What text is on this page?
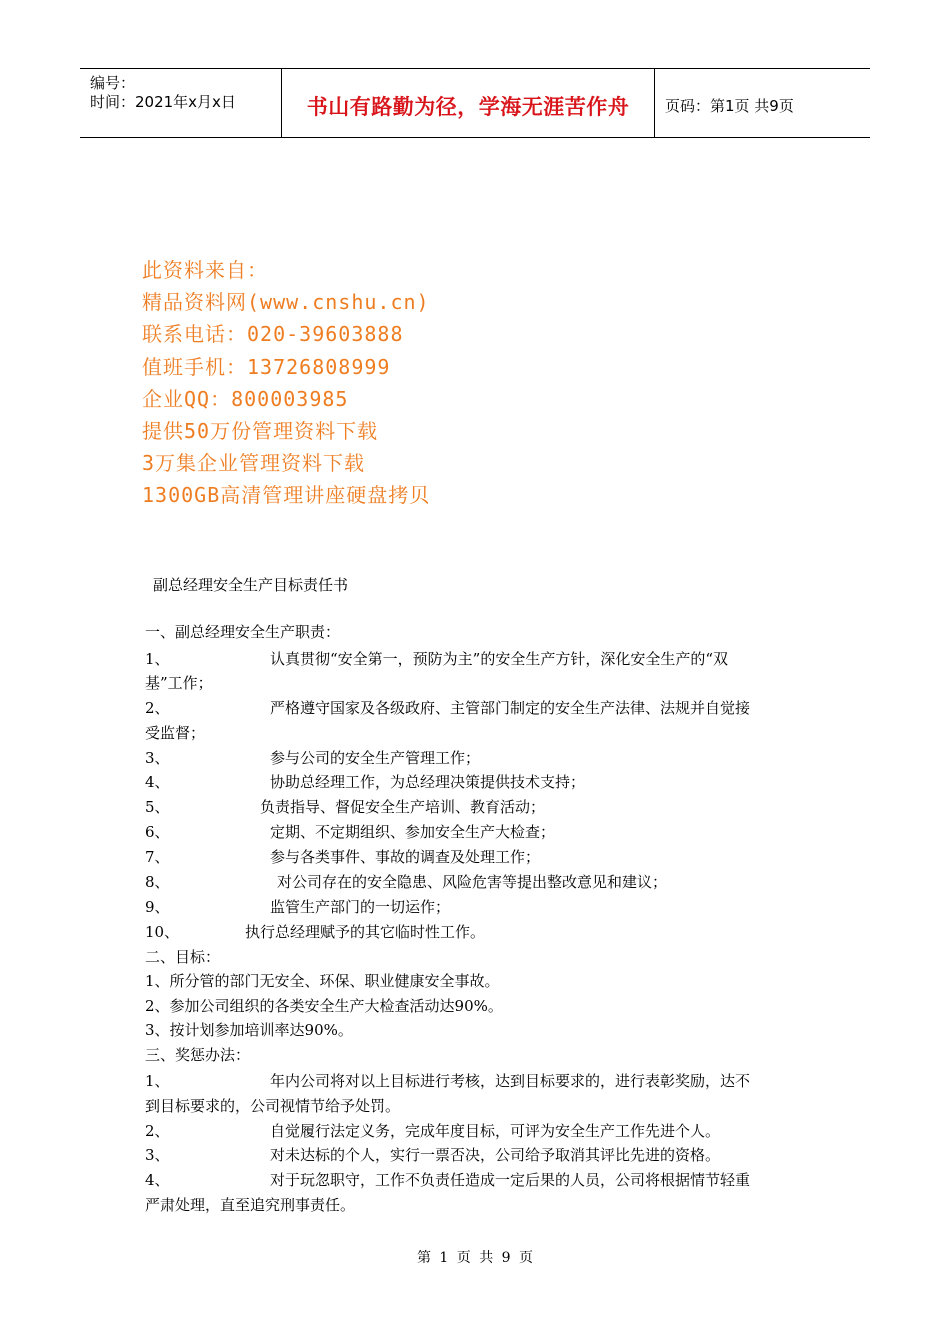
编号：
时间：2021年x月x日	书山有路勤为径，学海无涯苦作舟	页码：第1页 共9页
此资料来自：
精品资料网(www.cnshu.cn)
联系电话：020-39603888
值班手机：13726808999
企业QQ：800003985
提供50万份管理资料下载
3万集企业管理资料下载
1300GB高清管理讲座硬盘拷贝
副总经理安全生产目标责任书
一、副总经理安全生产职责：
1、	认真贯彻“安全第一，预防为主”的安全生产方针，深化安全生产的“双
基”工作；
2、	严格遵守国家及各级政府、主管部门制定的安全生产法律、法规并自觉接
受监督；
3、	参与公司的安全生产管理工作；
4、	协助总经理工作，为总经理决策提供技术支持；
5、	负责指导、督促安全生产培训、教育活动；
6、	定期、不定期组织、参加安全生产大检查；
7、	参与各类事件、事故的调查及处理工作；
8、	对公司存在的安全隐患、风险危害等提出整改意见和建议；
9、	监管生产部门的一切运作；
10、	执行总经理赋予的其它临时性工作。
二、目标：
1、所分管的部门无安全、环保、职业健康安全事故。
2、参加公司组织的各类安全生产大检查活动达90%。
3、按计划参加培训率达90%。
三、奖惩办法：
1、	年内公司将对以上目标进行考核，达到目标要求的，进行表彰奖励，达不
到目标要求的，公司视情节给予处罚。
2、	自觉履行法定义务，完成年度目标，可评为安全生产工作先进个人。
3、	对未达标的个人，实行一票否决，公司给予取消其评比先进的资格。
4、	对于玩忽职守，工作不负责任造成一定后果的人员，公司将根据情节轻重
严肃处理，直至追究刑事责任。
第 1 页 共 9 页
